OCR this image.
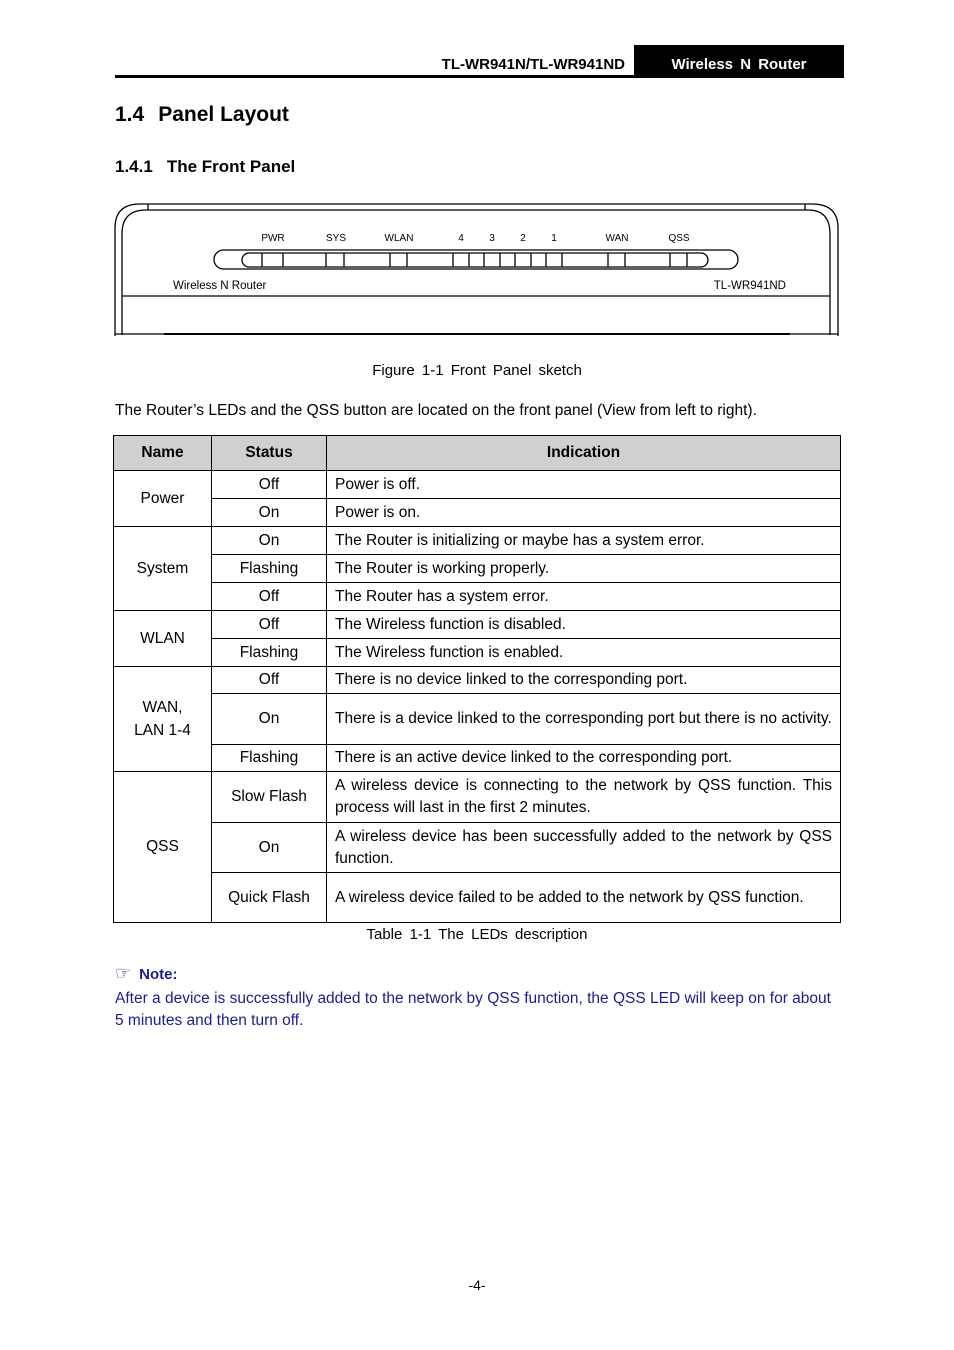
TL-WR941N/TL-WR941ND	Wireless N Router
1.4 Panel Layout
1.4.1 The Front Panel
PWR	SYS	WLAN	4	3	2	1	WAN	QSS
Wireless N Router	TL-WR941ND
Figure 1-1 Front Panel sketch
The Router’s LEDs and the QSS button are located on the front panel (View from left to right).
Name	Status	Indication
Power	Off	Power is off.
	On	Power is on.
System	On	The Router is initializing or maybe has a system error.
	Flashing	The Router is working properly.
	Off	The Router has a system error.
WLAN	Off	The Wireless function is disabled.
	Flashing	The Wireless function is enabled.
WAN,
LAN 1-4	Off	There is no device linked to the corresponding port.
	On	There is a device linked to the corresponding port but there is no activity.
	Flashing	There is an active device linked to the corresponding port.
QSS	Slow Flash	A wireless device is connecting to the network by QSS function. This process will last in the first 2 minutes.
	On	A wireless device has been successfully added to the network by QSS function.
	Quick Flash	A wireless device failed to be added to the network by QSS function.
Table 1-1 The LEDs description
☞ Note:
After a device is successfully added to the network by QSS function, the QSS LED will keep on for about 5 minutes and then turn off.
-4-
